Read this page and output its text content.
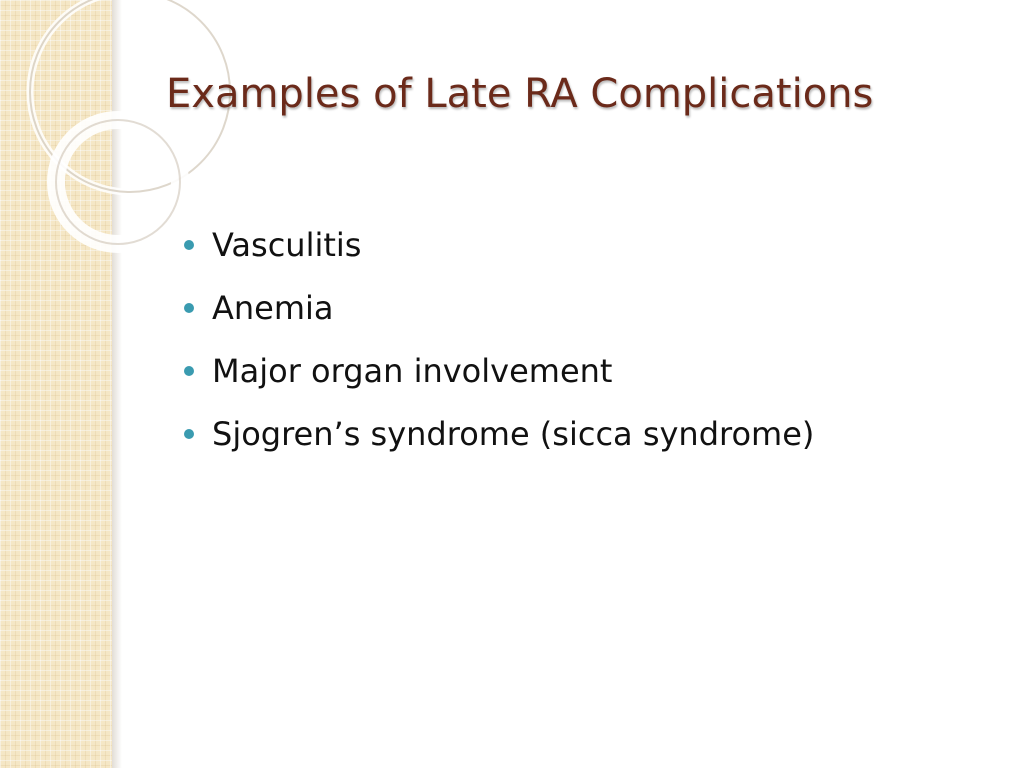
Examples of Late RA Complications
Vasculitis
Anemia
Major organ involvement
Sjogren’s syndrome (sicca syndrome)
